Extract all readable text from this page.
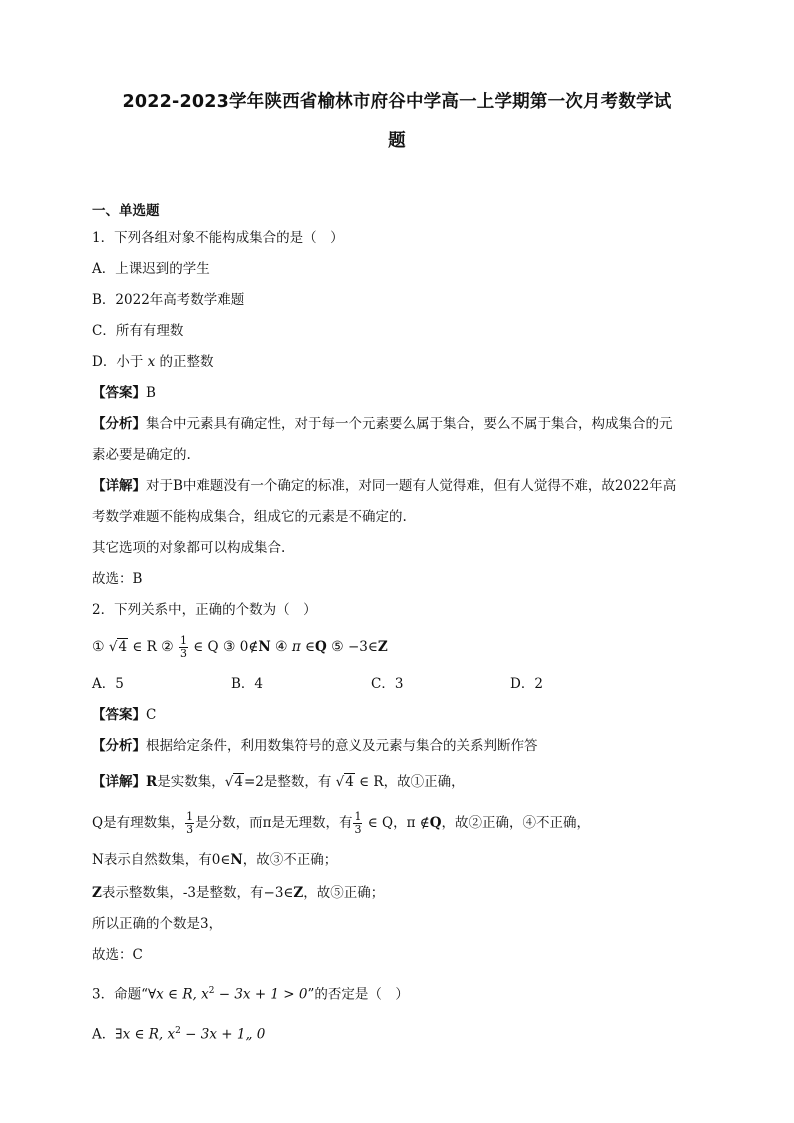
2022-2023学年陕西省榆林市府谷中学高一上学期第一次月考数学试
题
一、单选题
1．下列各组对象不能构成集合的是（　）
A．上课迟到的学生
B．2022年高考数学难题
C．所有有理数
D．小于 x 的正整数
【答案】B
【分析】集合中元素具有确定性，对于每一个元素要么属于集合，要么不属于集合，构成集合的元
素必要是确定的.
【详解】对于B中难题没有一个确定的标准，对同一题有人觉得难，但有人觉得不难，故2022年高
考数学难题不能构成集合，组成它的元素是不确定的.
其它选项的对象都可以构成集合.
故选：B
2．下列关系中，正确的个数为（　）
① √4 ∈ R ② $\frac{1}{3}$ ∈ Q ③ 0∉N ④ π ∈Q ⑤ −3∈Z
A．5	B．4	C．3	D．2
【答案】C
【分析】根据给定条件，利用数集符号的意义及元素与集合的关系判断作答
【详解】R是实数集，√4=2是整数，有 √4 ∈ R，故①正确，
Q是有理数集， $\frac{1}{3}$ 是分数，而π是无理数，有 $\frac{1}{3}$ ∈ Q，π ∉Q，故②正确，④不正确，
N表示自然数集，有0∈N，故③不正确；
Z表示整数集，-3是整数，有−3∈Z，故⑤正确；
所以正确的个数是3，
故选：C
3．命题“∀x ∈ R, $x^2 - 3x + 1 > 0$”的否定是（　）
A．∃x ∈ R, $x^2 - 3x$ + 1„ 0
